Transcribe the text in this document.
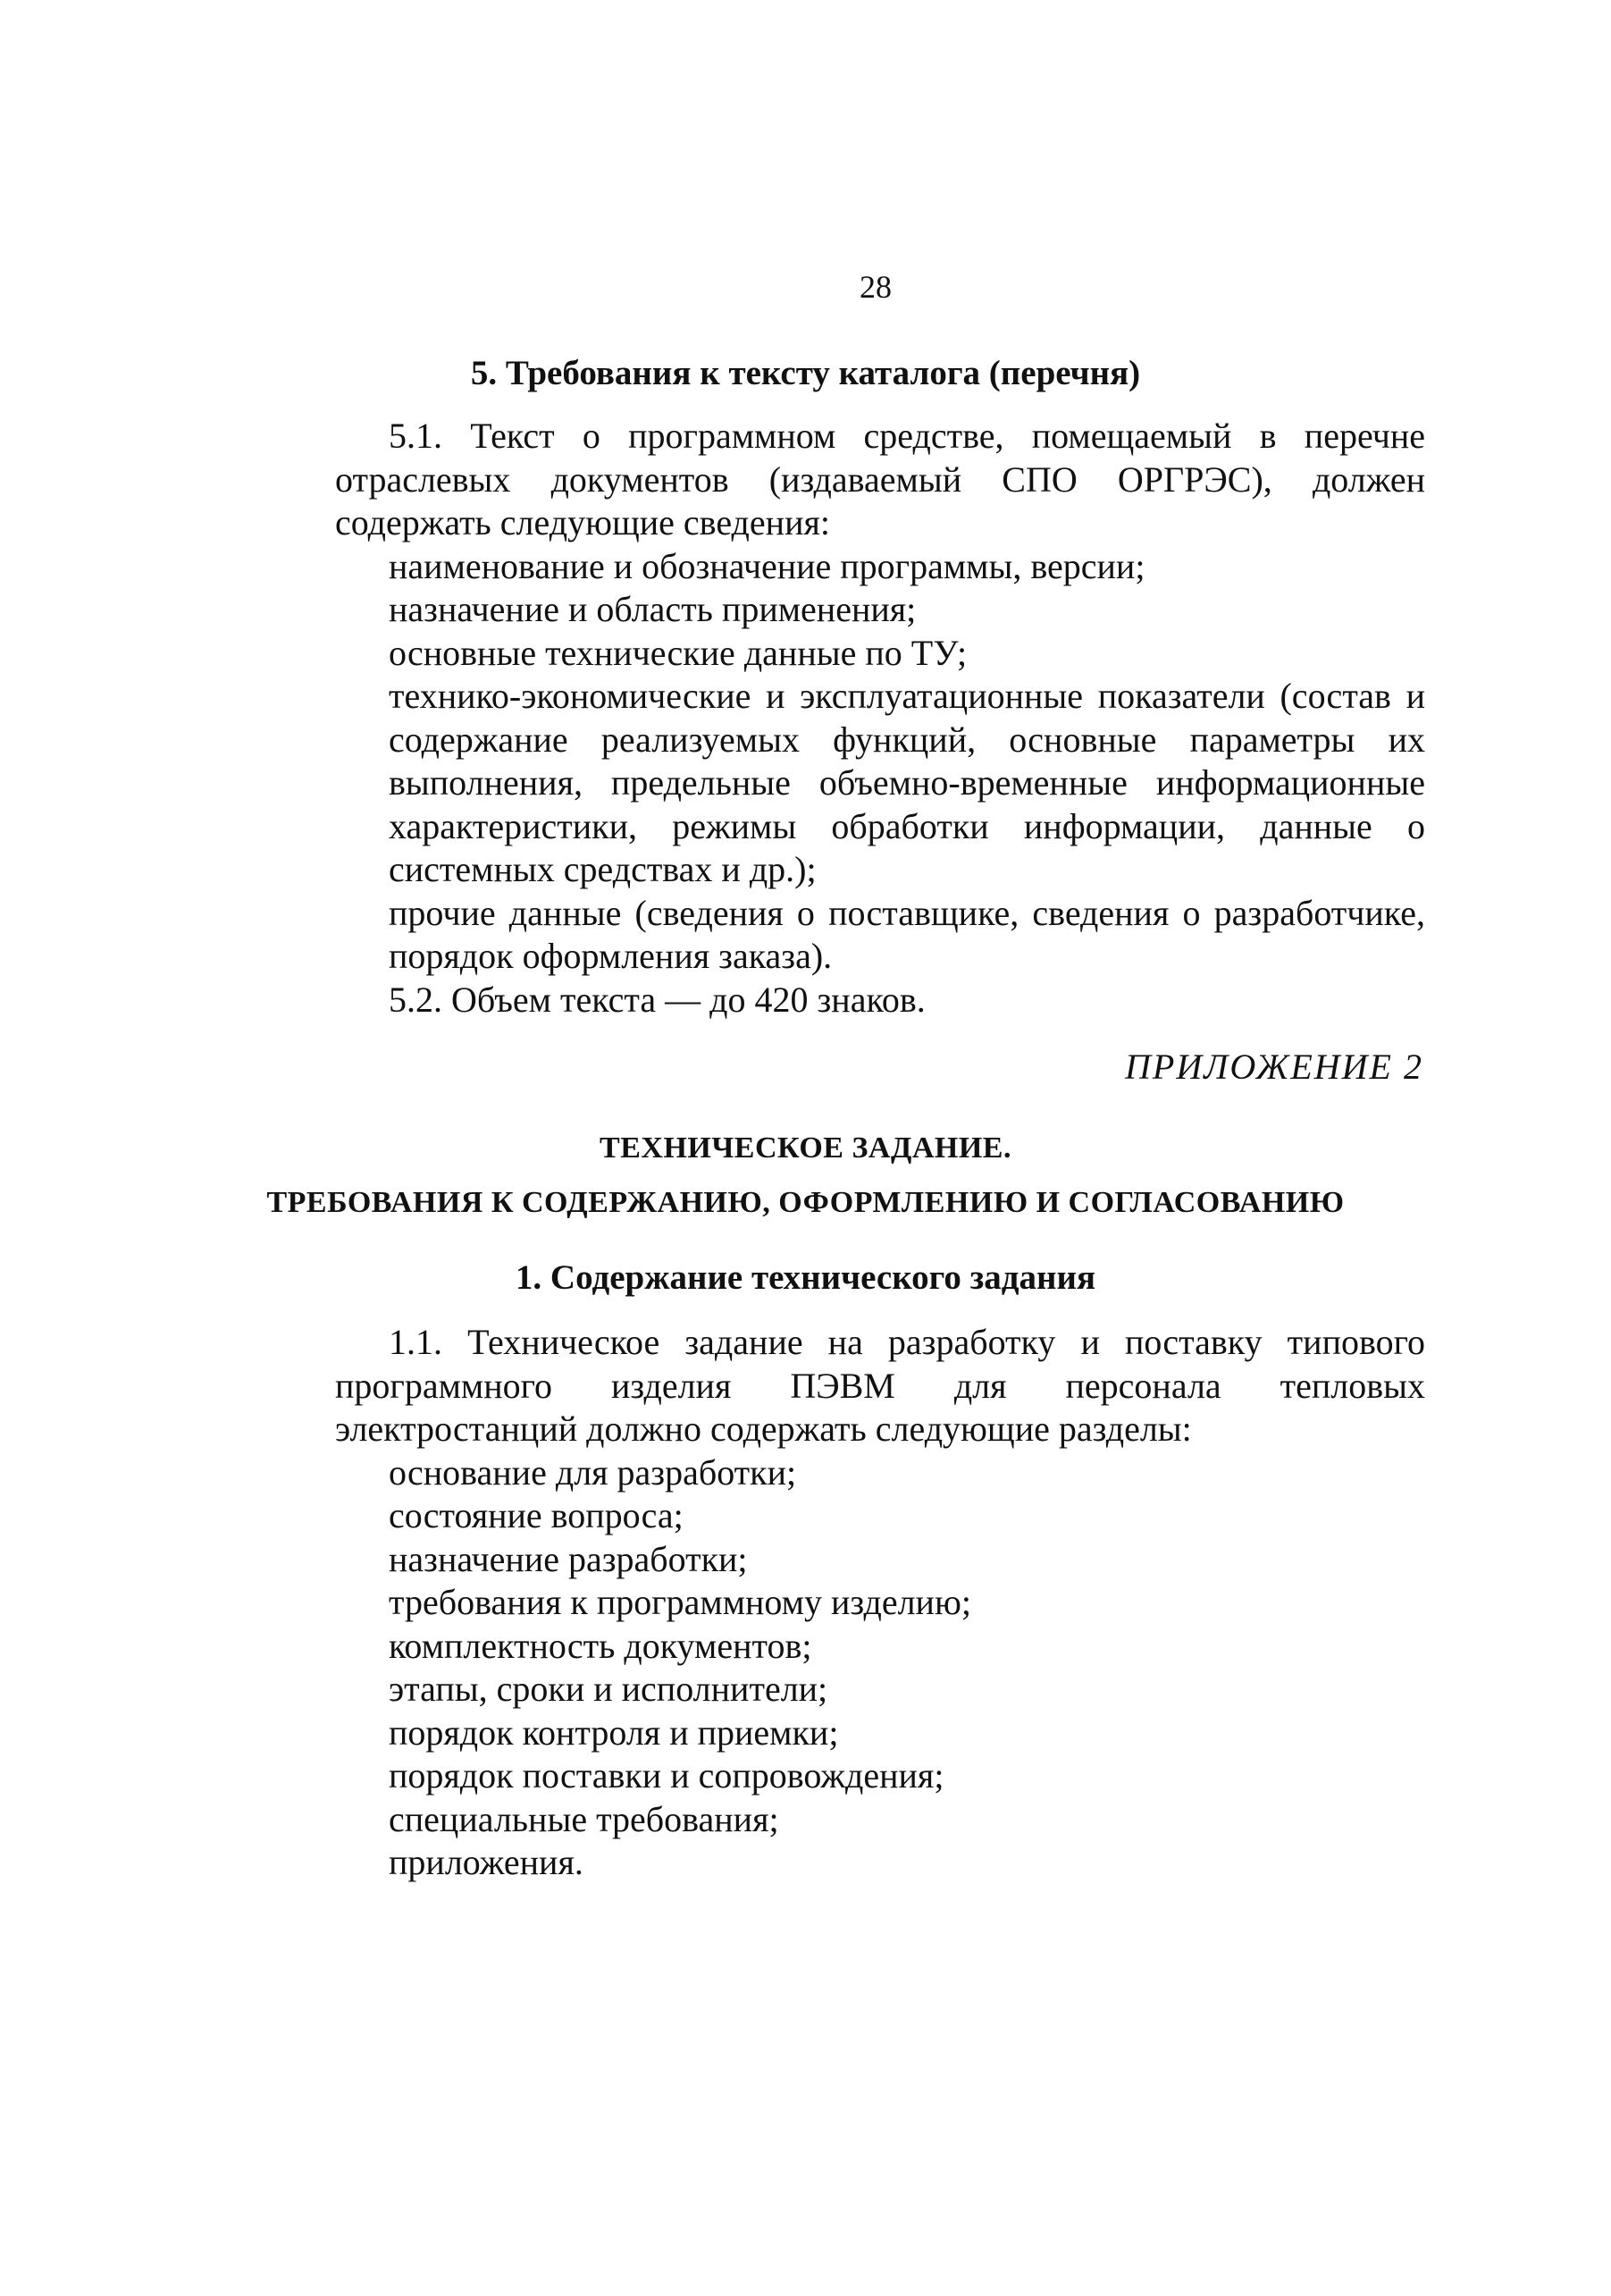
28
5. Требования к тексту каталога (перечня)

5.1. Текст о программном средстве, помещаемый в перечне отраслевых документов (издаваемый СПО ОРГРЭС), должен содержать следующие сведения:

наименование и обозначение программы, версии;

назначение и область применения;

основные технические данные по ТУ;

технико-экономические и эксплуатационные показатели (состав и содержание реализуемых функций, основные параметры их выполнения, предельные объемно-временные информационные характеристики, режимы обработки информации, данные о системных средствах и др.);

прочие данные (сведения о поставщике, сведения о разработчике, порядок оформления заказа).

5.2. Объем текста — до 420 знаков.

ПРИЛОЖЕНИЕ 2
ТЕХНИЧЕСКОЕ ЗАДАНИЕ.
ТРЕБОВАНИЯ К СОДЕРЖАНИЮ, ОФОРМЛЕНИЮ И СОГЛАСОВАНИЮ
1. Содержание технического задания

1.1. Техническое задание на разработку и поставку типового программного изделия ПЭВМ для персонала тепловых электростанций должно содержать следующие разделы:

основание для разработки;

состояние вопроса;

назначение разработки;

требования к программному изделию;

комплектность документов;

этапы, сроки и исполнители;

порядок контроля и приемки;

порядок поставки и сопровождения;

специальные требования;

приложения.
